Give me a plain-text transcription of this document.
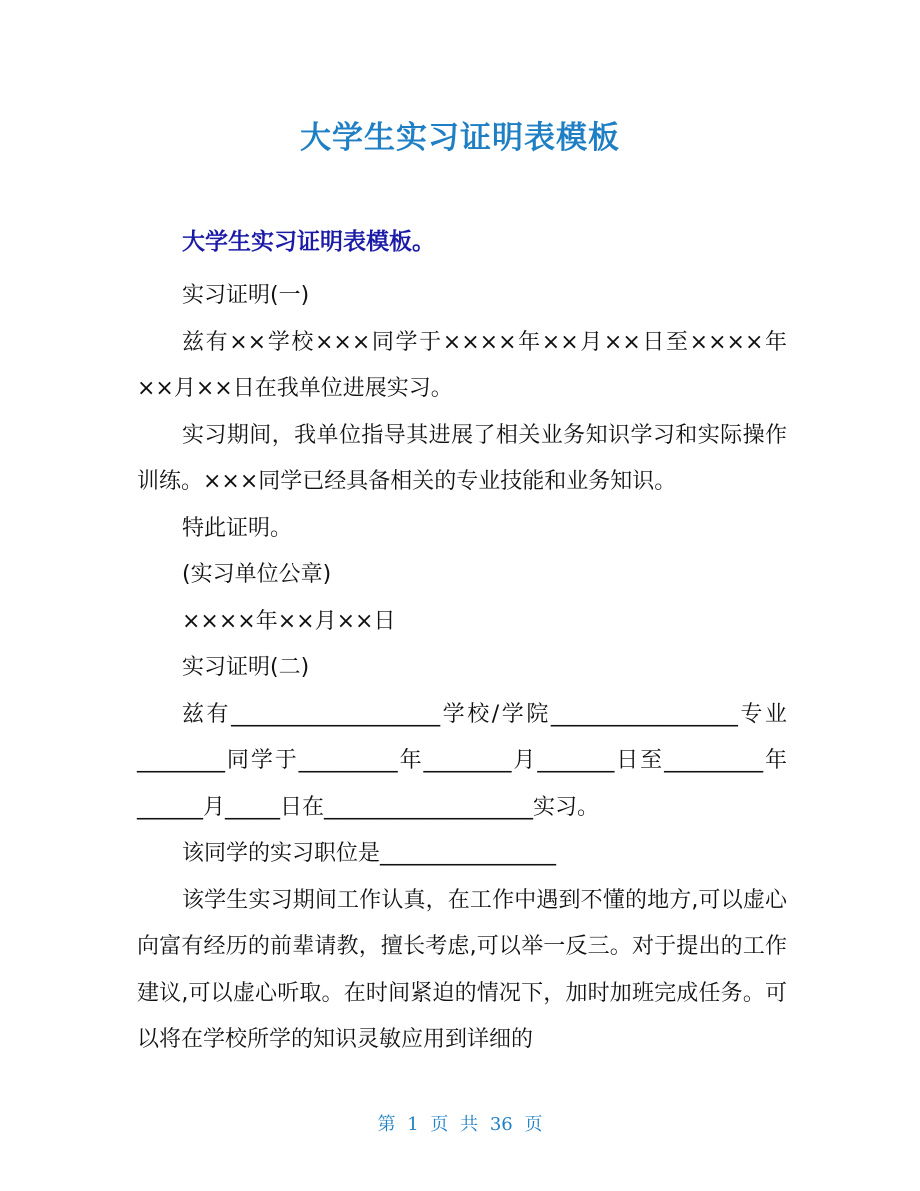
大学生实习证明表模板
大学生实习证明表模板。

实习证明(一)

兹有××学校×××同学于××××年××月××日至××××年××月××日在我单位进展实习。

实习期间，我单位指导其进展了相关业务知识学习和实际操作训练。×××同学已经具备相关的专业技能和业务知识。

特此证明。

(实习单位公章)

××××年××月××日

实习证明(二)

兹有___________________学校/学院_________________专业________同学于_________年________月_______日至_________年______月_____日在___________________实习。

该同学的实习职位是________________

该学生实习期间工作认真，在工作中遇到不懂的地方,可以虚心向富有经历的前辈请教，擅长考虑,可以举一反三。对于提出的工作建议,可以虚心听取。在时间紧迫的情况下，加时加班完成任务。可以将在学校所学的知识灵敏应用到详细的

第 1 页 共 36 页
